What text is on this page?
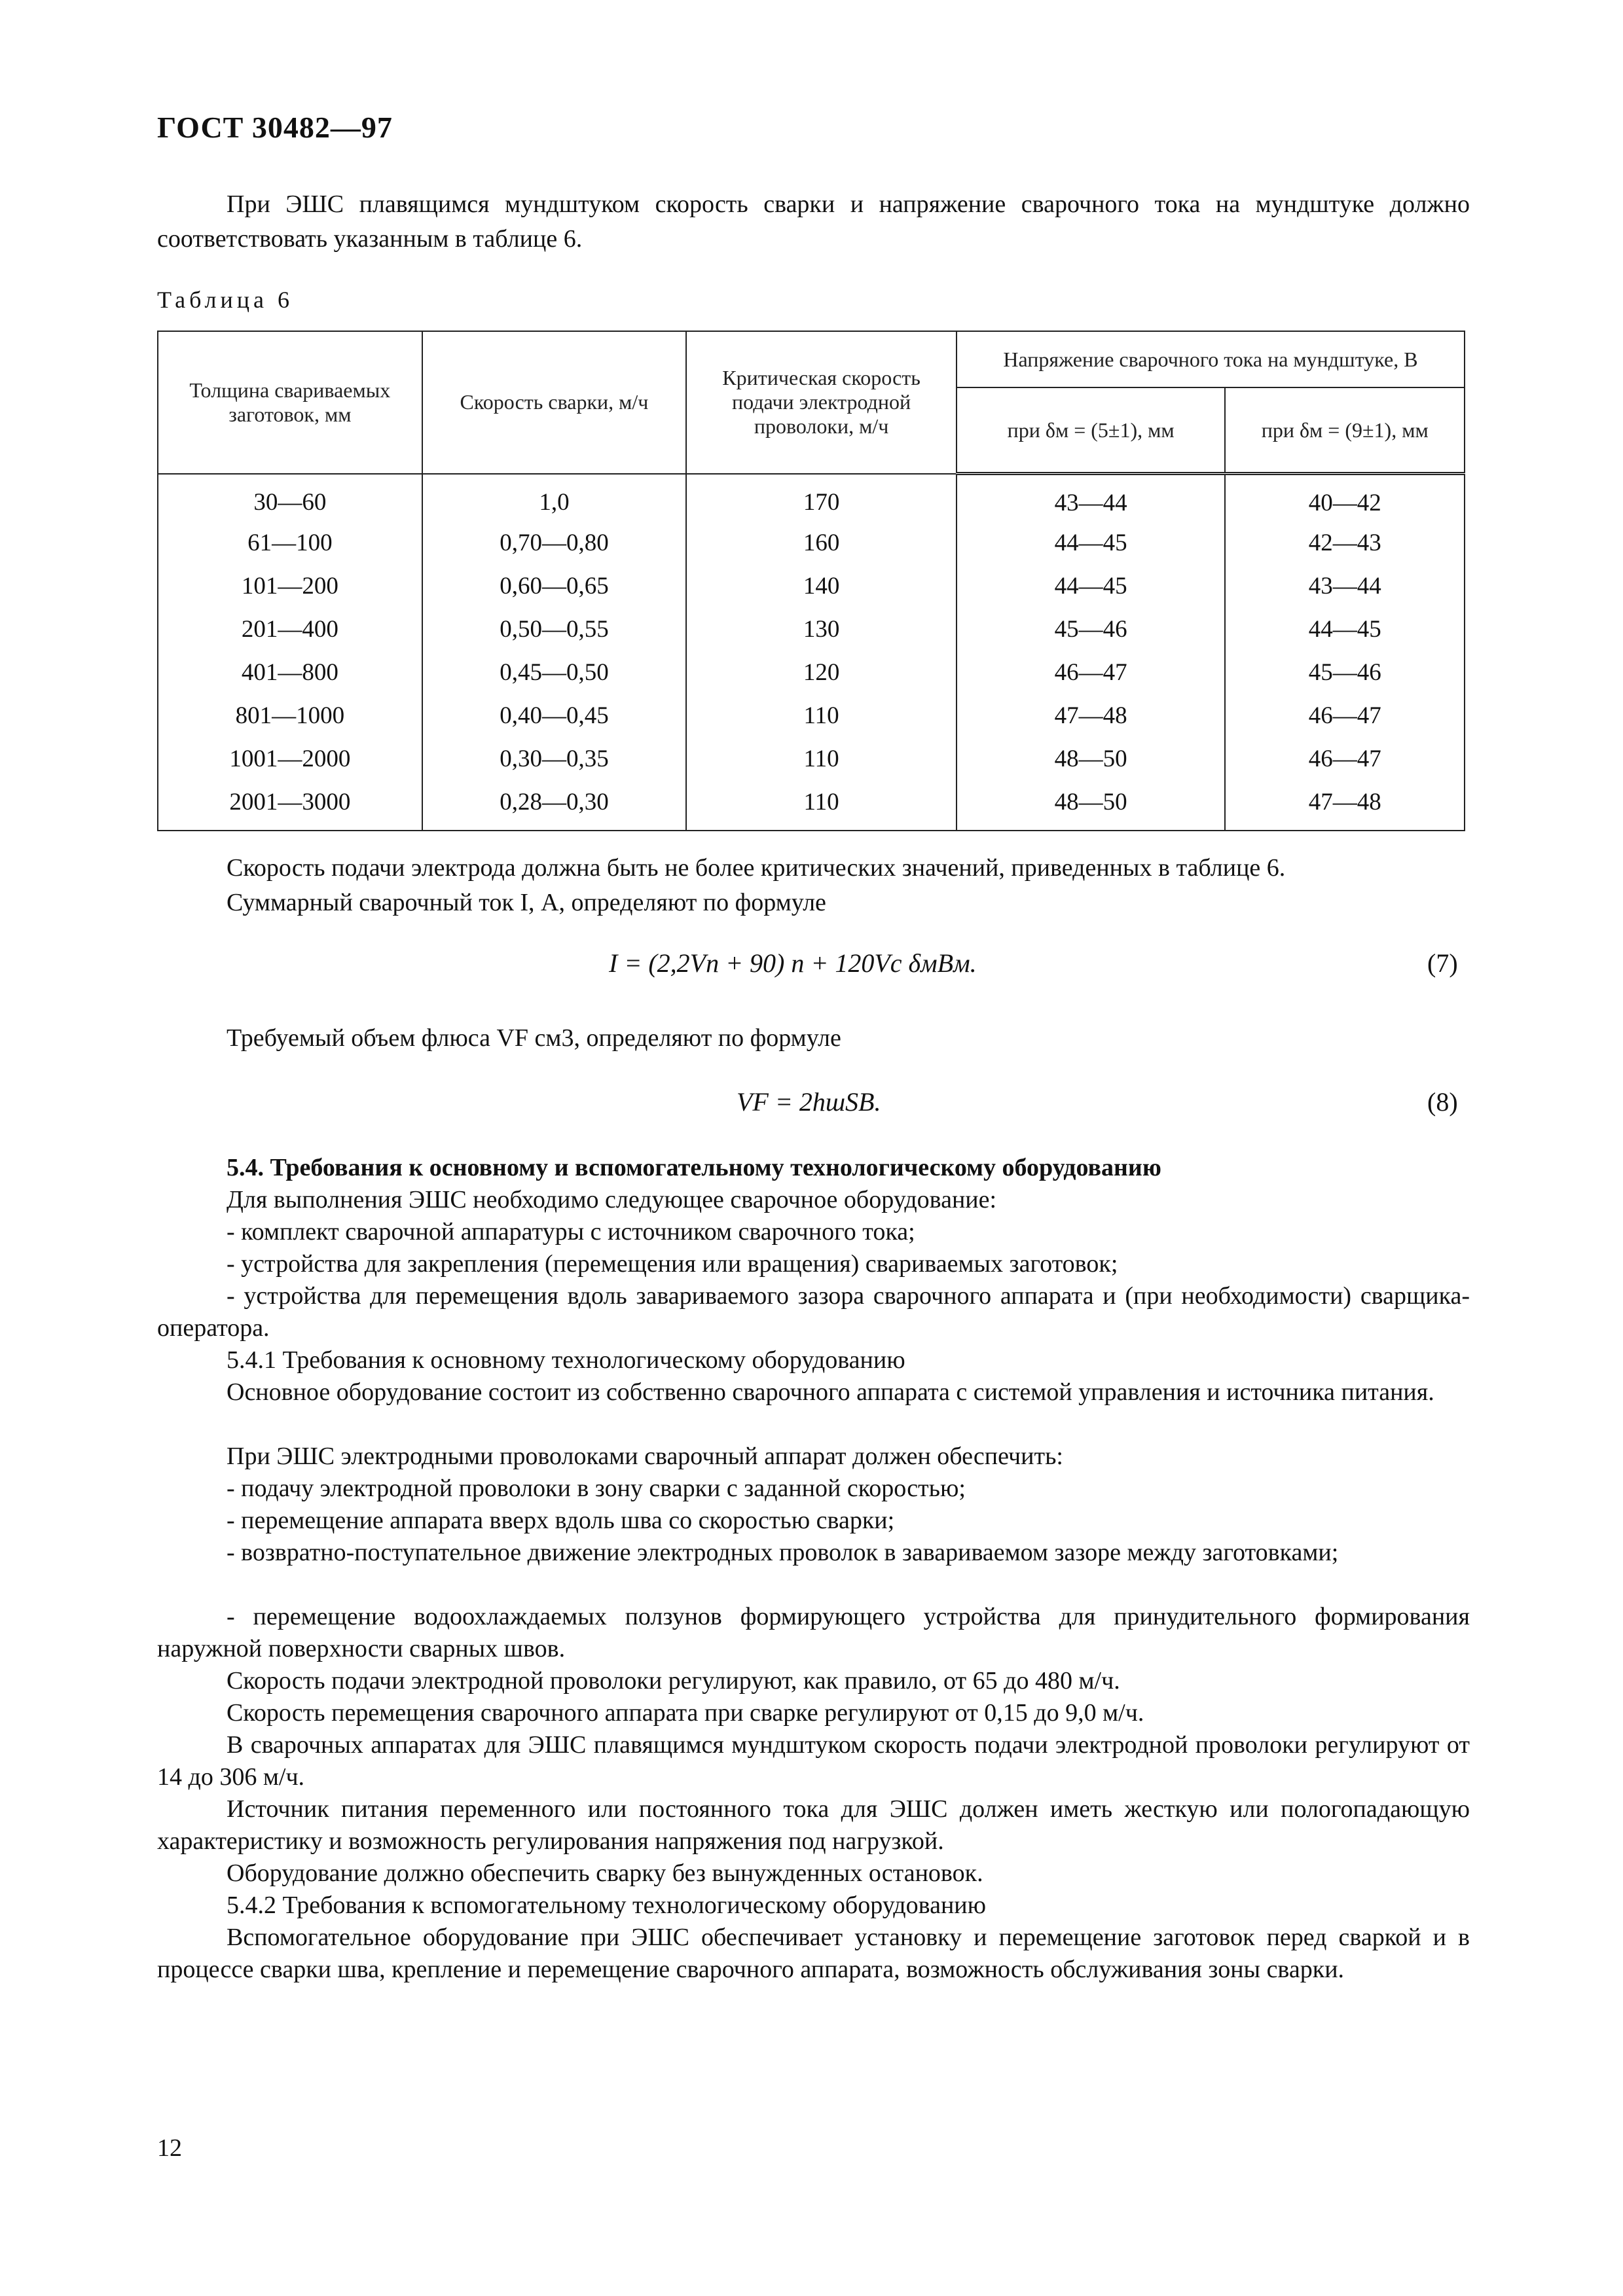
ГОСТ 30482—97
При ЭШС плавящимся мундштуком скорость сварки и напряжение сварочного тока на мундштуке должно соответствовать указанным в таблице 6.
Таблица 6
Толщина свариваемых заготовок, мм	Скорость сварки, м/ч	Критическая скорость подачи электродной проволоки, м/ч	Напряжение сварочного тока на мундштуке, В	
			при δм = (5±1), мм	при δм = (9±1), мм
30—60	1,0	170	43—44	40—42
61—100	0,70—0,80	160	44—45	42—43
101—200	0,60—0,65	140	44—45	43—44
201—400	0,50—0,55	130	45—46	44—45
401—800	0,45—0,50	120	46—47	45—46
801—1000	0,40—0,45	110	47—48	46—47
1001—2000	0,30—0,35	110	48—50	46—47
2001—3000	0,28—0,30	110	48—50	47—48
Скорость подачи электрода должна быть не более критических значений, приведенных в таблице 6.
Суммарный сварочный ток I, А, определяют по формуле
I = (2,2Vп + 90) n + 120Vс δмBм.	(7)
Требуемый объем флюса VF см3, определяют по формуле
VF = 2hшSB.	(8)
5.4. Требования к основному и вспомогательному технологическому оборудованию
Для выполнения ЭШС необходимо следующее сварочное оборудование:
- комплект сварочной аппаратуры с источником сварочного тока;
- устройства для закрепления (перемещения или вращения) свариваемых заготовок;
- устройства для перемещения вдоль завариваемого зазора сварочного аппарата и (при необходимости) сварщика-оператора.
5.4.1 Требования к основному технологическому оборудованию
Основное оборудование состоит из собственно сварочного аппарата с системой управления и источника питания.
При ЭШС электродными проволоками сварочный аппарат должен обеспечить:
- подачу электродной проволоки в зону сварки с заданной скоростью;
- перемещение аппарата вверх вдоль шва со скоростью сварки;
- возвратно-поступательное движение электродных проволок в завариваемом зазоре между заготовками;
- перемещение водоохлаждаемых ползунов формирующего устройства для принудительного формирования наружной поверхности сварных швов.
Скорость подачи электродной проволоки регулируют, как правило, от 65 до 480 м/ч.
Скорость перемещения сварочного аппарата при сварке регулируют от 0,15 до 9,0 м/ч.
В сварочных аппаратах для ЭШС плавящимся мундштуком скорость подачи электродной проволоки регулируют от 14 до 306 м/ч.
Источник питания переменного или постоянного тока для ЭШС должен иметь жесткую или пологопадающую характеристику и возможность регулирования напряжения под нагрузкой.
Оборудование должно обеспечить сварку без вынужденных остановок.
5.4.2 Требования к вспомогательному технологическому оборудованию
Вспомогательное оборудование при ЭШС обеспечивает установку и перемещение заготовок перед сваркой и в процессе сварки шва, крепление и перемещение сварочного аппарата, возможность обслуживания зоны сварки.
12
